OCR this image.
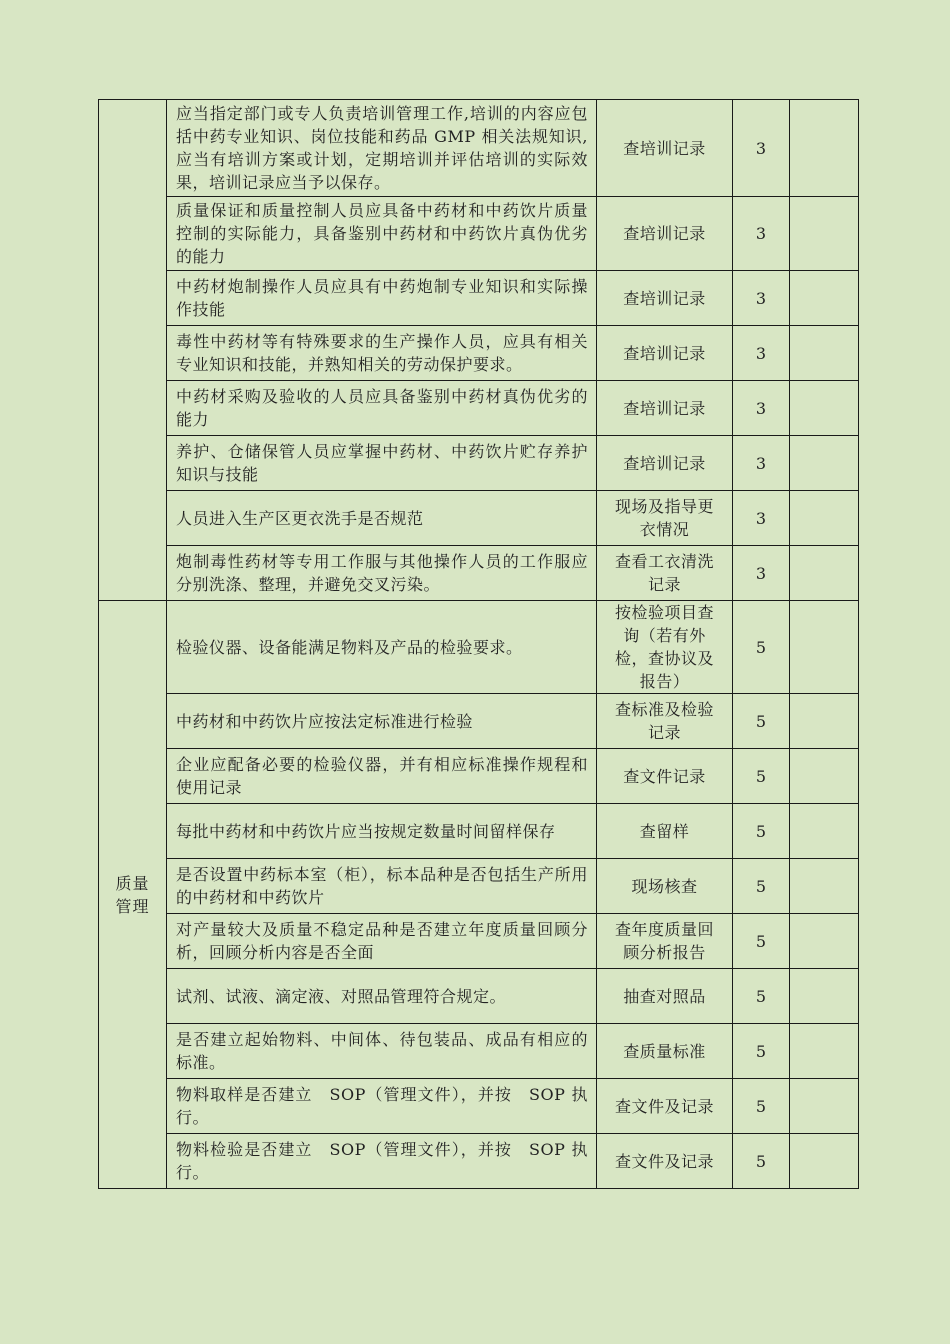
	应当指定部门或专人负责培训管理工作,培训的内容应包括中药专业知识、岗位技能和药品 GMP 相关法规知识,应当有培训方案或计划，定期培训并评估培训的实际效果，培训记录应当予以保存。	查培训记录	3	
	质量保证和质量控制人员应具备中药材和中药饮片质量控制的实际能力，具备鉴别中药材和中药饮片真伪优劣的能力	查培训记录	3	
	中药材炮制操作人员应具有中药炮制专业知识和实际操作技能	查培训记录	3	
	毒性中药材等有特殊要求的生产操作人员，应具有相关专业知识和技能，并熟知相关的劳动保护要求。	查培训记录	3	
	中药材采购及验收的人员应具备鉴别中药材真伪优劣的能力	查培训记录	3	
	养护、仓储保管人员应掌握中药材、中药饮片贮存养护知识与技能	查培训记录	3	
	人员进入生产区更衣洗手是否规范	现场及指导更衣情况	3	
	炮制毒性药材等专用工作服与其他操作人员的工作服应分别洗涤、整理，并避免交叉污染。	查看工衣清洗记录	3	
质量管理	检验仪器、设备能满足物料及产品的检验要求。	按检验项目查询（若有外检，查协议及报告）	5	
	中药材和中药饮片应按法定标准进行检验	查标准及检验记录	5	
	企业应配备必要的检验仪器，并有相应标准操作规程和使用记录	查文件记录	5	
	每批中药材和中药饮片应当按规定数量时间留样保存	查留样	5	
	是否设置中药标本室（柜），标本品种是否包括生产所用的中药材和中药饮片	现场核查	5	
	对产量较大及质量不稳定品种是否建立年度质量回顾分析，回顾分析内容是否全面	查年度质量回顾分析报告	5	
	试剂、试液、滴定液、对照品管理符合规定。	抽查对照品	5	
	是否建立起始物料、中间体、待包装品、成品有相应的标准。	查质量标准	5	
	物料取样是否建立　SOP（管理文件），并按　SOP 执行。	查文件及记录	5	
	物料检验是否建立　SOP（管理文件），并按　SOP 执行。	查文件及记录	5	
